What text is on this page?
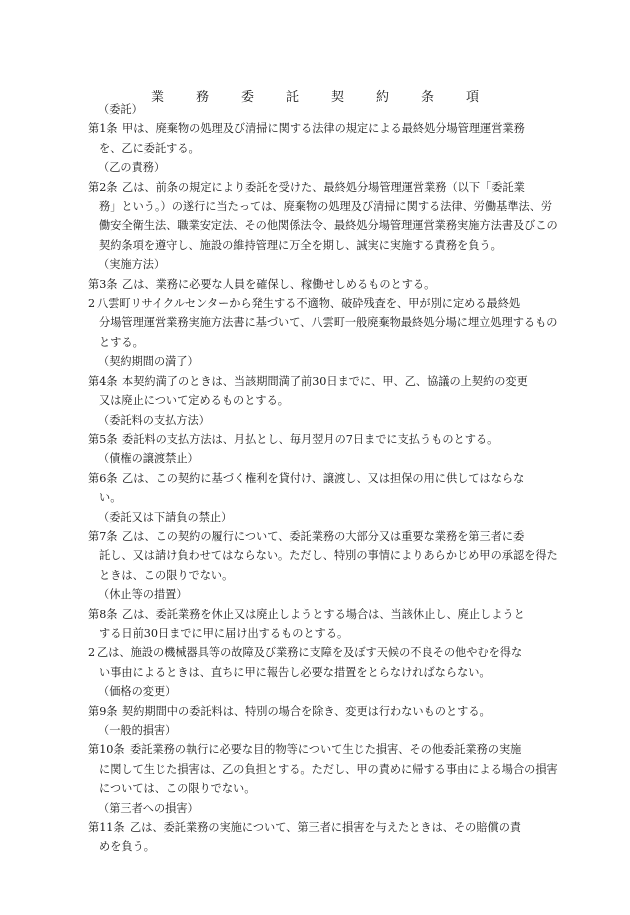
業 務 委 託 契 約 条 項
（委託）
第1条 甲は、廃棄物の処理及び清掃に関する法律の規定による最終処分場管理運営業務
を、乙に委託する。
（乙の責務）
第2条 乙は、前条の規定により委託を受けた、最終処分場管理運営業務（以下「委託業
務」という。）の遂行に当たっては、廃棄物の処理及び清掃に関する法律、労働基準法、労働安全衛生法、職業安定法、その他関係法令、最終処分場管理運営業務実施方法書及びこの契約条項を遵守し、施設の維持管理に万全を期し、誠実に実施する責務を負う。
（実施方法）
第3条 乙は、業務に必要な人員を確保し、稼働せしめるものとする。
2 八雲町リサイクルセンターから発生する不適物、破砕残査を、甲が別に定める最終処
分場管理運営業務実施方法書に基づいて、八雲町一般廃棄物最終処分場に埋立処理するものとする。
（契約期間の満了）
第4条 本契約満了のときは、当該期間満了前30日までに、甲、乙、協議の上契約の変更
又は廃止について定めるものとする。
（委託料の支払方法）
第5条 委託料の支払方法は、月払とし、毎月翌月の7日までに支払うものとする。
（債権の譲渡禁止）
第6条 乙は、この契約に基づく権利を貸付け、譲渡し、又は担保の用に供してはならな
い。
（委託又は下請負の禁止）
第7条 乙は、この契約の履行について、委託業務の大部分又は重要な業務を第三者に委
託し、又は請け負わせてはならない。ただし、特別の事情によりあらかじめ甲の承認を得たときは、この限りでない。
（休止等の措置）
第8条 乙は、委託業務を休止又は廃止しようとする場合は、当該休止し、廃止しようと
する日前30日までに甲に届け出するものとする。
2 乙は、施設の機械器具等の故障及び業務に支障を及ぼす天候の不良その他やむを得な
い事由によるときは、直ちに甲に報告し必要な措置をとらなければならない。
（価格の変更）
第9条 契約期間中の委託料は、特別の場合を除き、変更は行わないものとする。
（一般的損害）
第10条 委託業務の執行に必要な目的物等について生じた損害、その他委託業務の実施
に関して生じた損害は、乙の負担とする。ただし、甲の責めに帰する事由による場合の損害については、この限りでない。
（第三者への損害）
第11条 乙は、委託業務の実施について、第三者に損害を与えたときは、その賠償の責
めを負う。
